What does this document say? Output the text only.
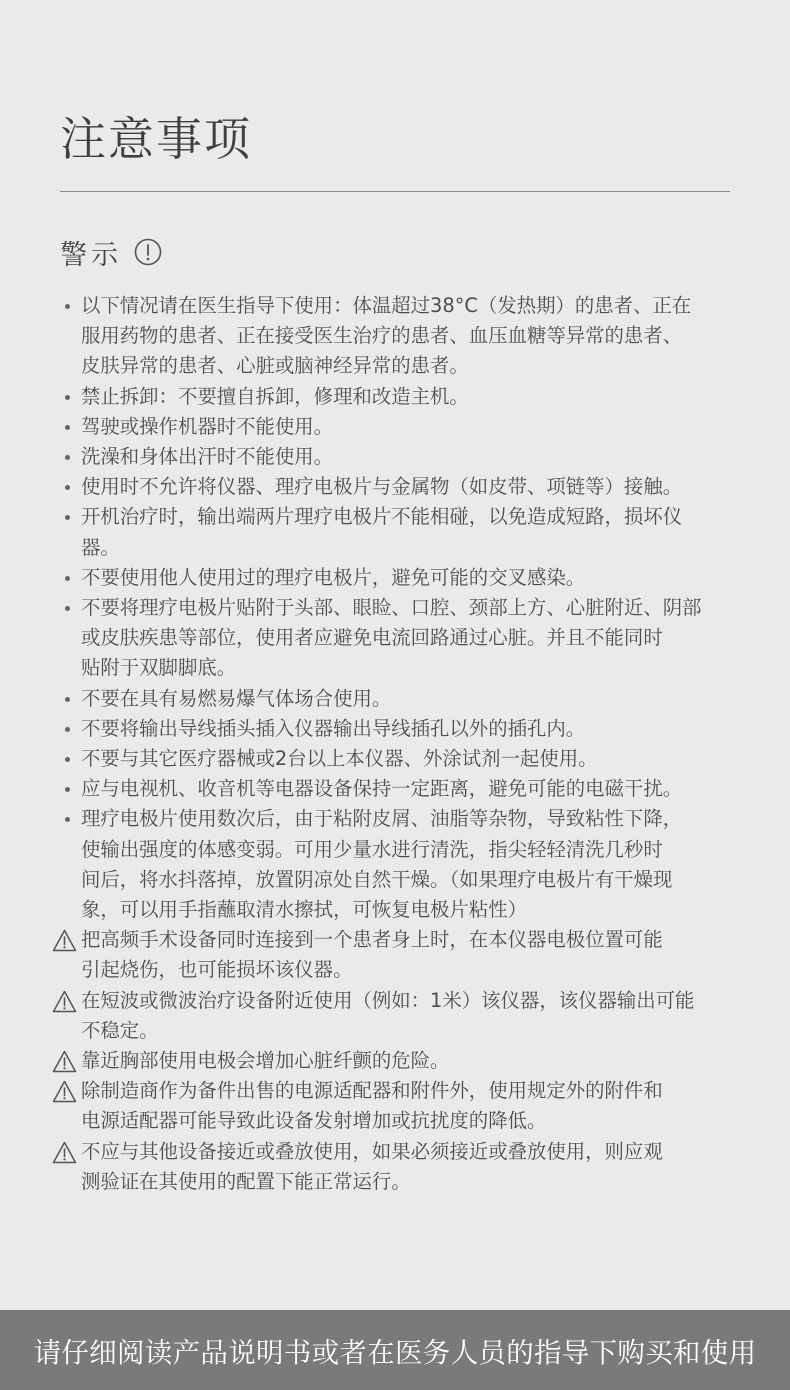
注意事项
警示
以下情况请在医生指导下使用：体温超过38°C（发热期）的患者、正在
服用药物的患者、正在接受医生治疗的患者、血压血糖等异常的患者、
皮肤异常的患者、心脏或脑神经异常的患者。
禁止拆卸：不要擅自拆卸，修理和改造主机。
驾驶或操作机器时不能使用。
洗澡和身体出汗时不能使用。
使用时不允许将仪器、理疗电极片与金属物（如皮带、项链等）接触。
开机治疗时，输出端两片理疗电极片不能相碰，以免造成短路，损坏仪
器。
不要使用他人使用过的理疗电极片，避免可能的交叉感染。
不要将理疗电极片贴附于头部、眼睑、口腔、颈部上方、心脏附近、阴部
或皮肤疾患等部位，使用者应避免电流回路通过心脏。并且不能同时
贴附于双脚脚底。
不要在具有易燃易爆气体场合使用。
不要将输出导线插头插入仪器输出导线插孔以外的插孔内。
不要与其它医疗器械或2台以上本仪器、外涂试剂一起使用。
应与电视机、收音机等电器设备保持一定距离，避免可能的电磁干扰。
理疗电极片使用数次后，由于粘附皮屑、油脂等杂物，导致粘性下降，
使输出强度的体感变弱。可用少量水进行清洗，指尖轻轻清洗几秒时
间后，将水抖落掉，放置阴凉处自然干燥。（如果理疗电极片有干燥现
象，可以用手指蘸取清水擦拭，可恢复电极片粘性）
把高频手术设备同时连接到一个患者身上时，在本仪器电极位置可能
引起烧伤，也可能损坏该仪器。
在短波或微波治疗设备附近使用（例如：1米）该仪器，该仪器输出可能
不稳定。
靠近胸部使用电极会增加心脏纤颤的危险。
除制造商作为备件出售的电源适配器和附件外，使用规定外的附件和
电源适配器可能导致此设备发射增加或抗扰度的降低。
不应与其他设备接近或叠放使用，如果必须接近或叠放使用，则应观
测验证在其使用的配置下能正常运行。
请仔细阅读产品说明书或者在医务人员的指导下购买和使用
